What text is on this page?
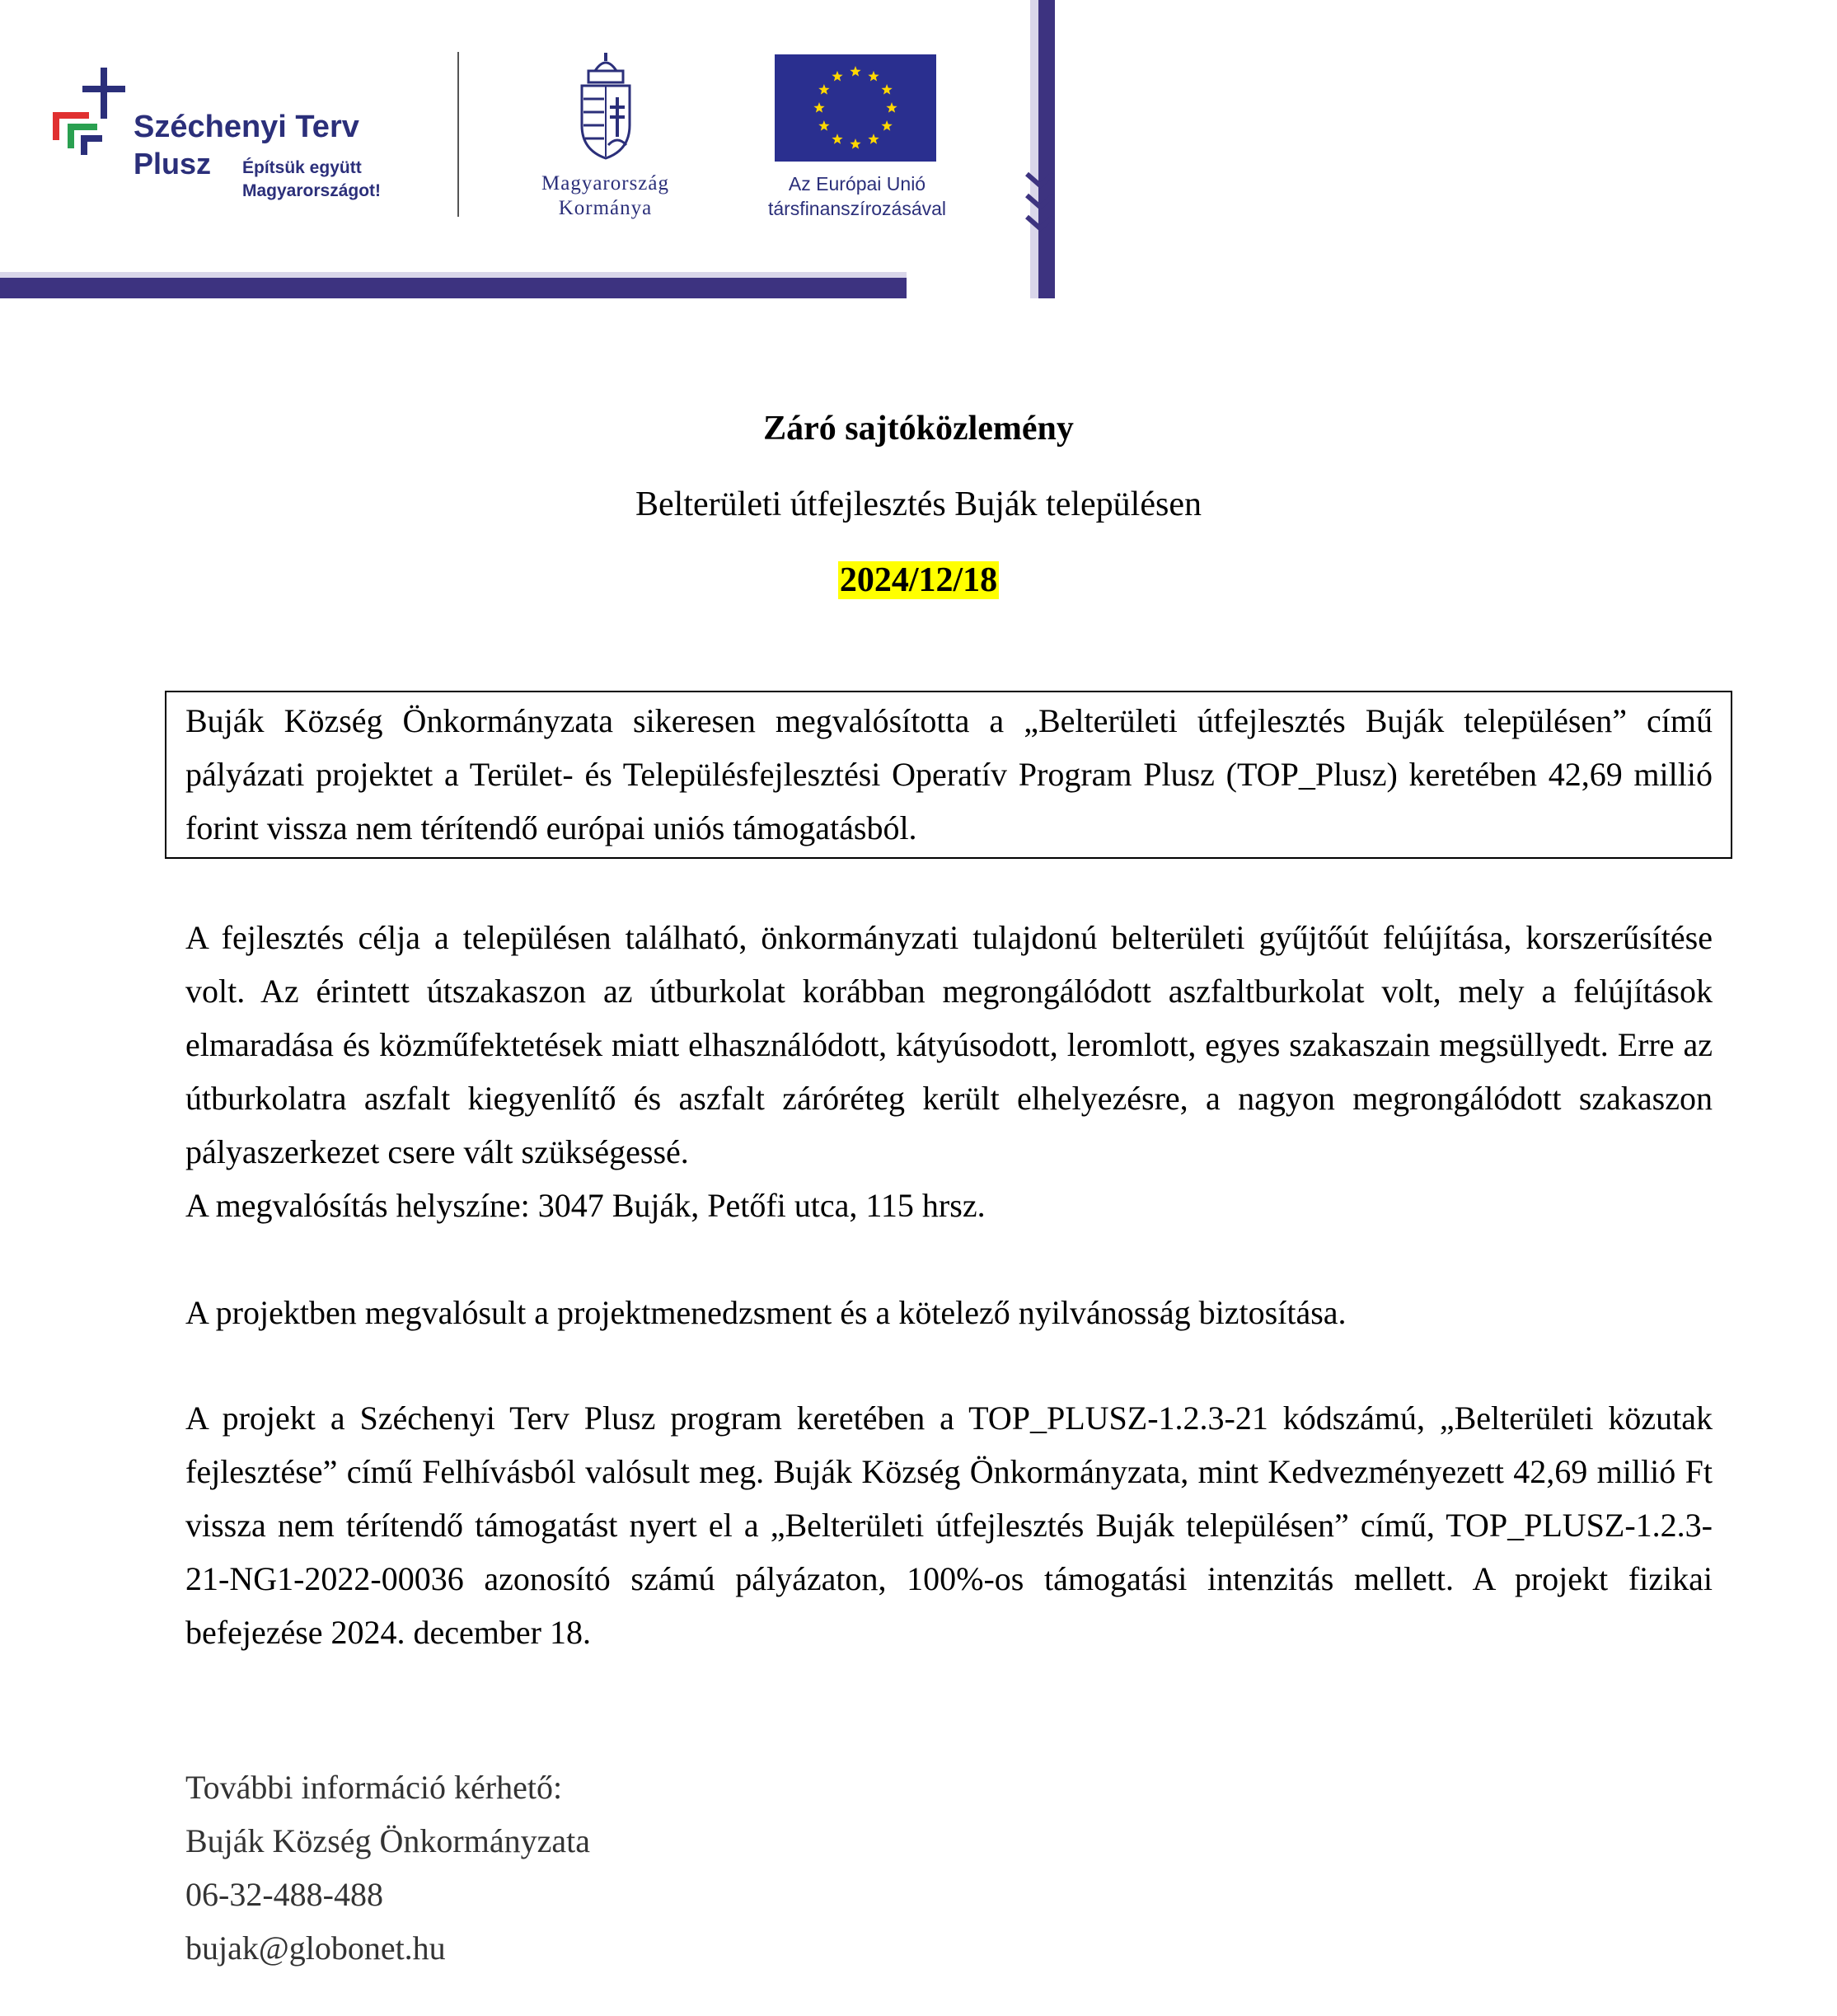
Széchenyi Terv
Plusz Építsük együtt
Magyarországot!	Magyarország
Kormánya
Az Európai Unió
társfinanszírozásával
Záró sajtóközlemény
Belterületi útfejlesztés Buják településen
2024/12/18
Buják Község Önkormányzata sikeresen megvalósította a „Belterületi útfejlesztés Buják településen” című pályázati projektet a Terület- és Településfejlesztési Operatív Program Plusz (TOP_Plusz) keretében 42,69 millió forint vissza nem térítendő európai uniós támogatásból.
A fejlesztés célja a településen található, önkormányzati tulajdonú belterületi gyűjtőút felújítása, korszerűsítése volt. Az érintett útszakaszon az útburkolat korábban megrongálódott aszfaltburkolat volt, mely a felújítások elmaradása és közműfektetések miatt elhasználódott, kátyúsodott, leromlott, egyes szakaszain megsüllyedt. Erre az útburkolatra aszfalt kiegyenlítő és aszfalt záróréteg került elhelyezésre, a nagyon megrongálódott szakaszon pályaszerkezet csere vált szükségessé.
A megvalósítás helyszíne: 3047 Buják, Petőfi utca, 115 hrsz.
A projektben megvalósult a projektmenedzsment és a kötelező nyilvánosság biztosítása.
A projekt a Széchenyi Terv Plusz program keretében a TOP_PLUSZ-1.2.3-21 kódszámú, „Belterületi közutak fejlesztése” című Felhívásból valósult meg. Buják Község Önkormányzata, mint Kedvezményezett 42,69 millió Ft vissza nem térítendő támogatást nyert el a „Belterületi útfejlesztés Buják településen” című, TOP_PLUSZ-1.2.3-21-NG1-2022-00036 azonosító számú pályázaton, 100%-os támogatási intenzitás mellett. A projekt fizikai befejezése 2024. december 18.
További információ kérhető:
Buják Község Önkormányzata
06-32-488-488
bujak@globonet.hu
